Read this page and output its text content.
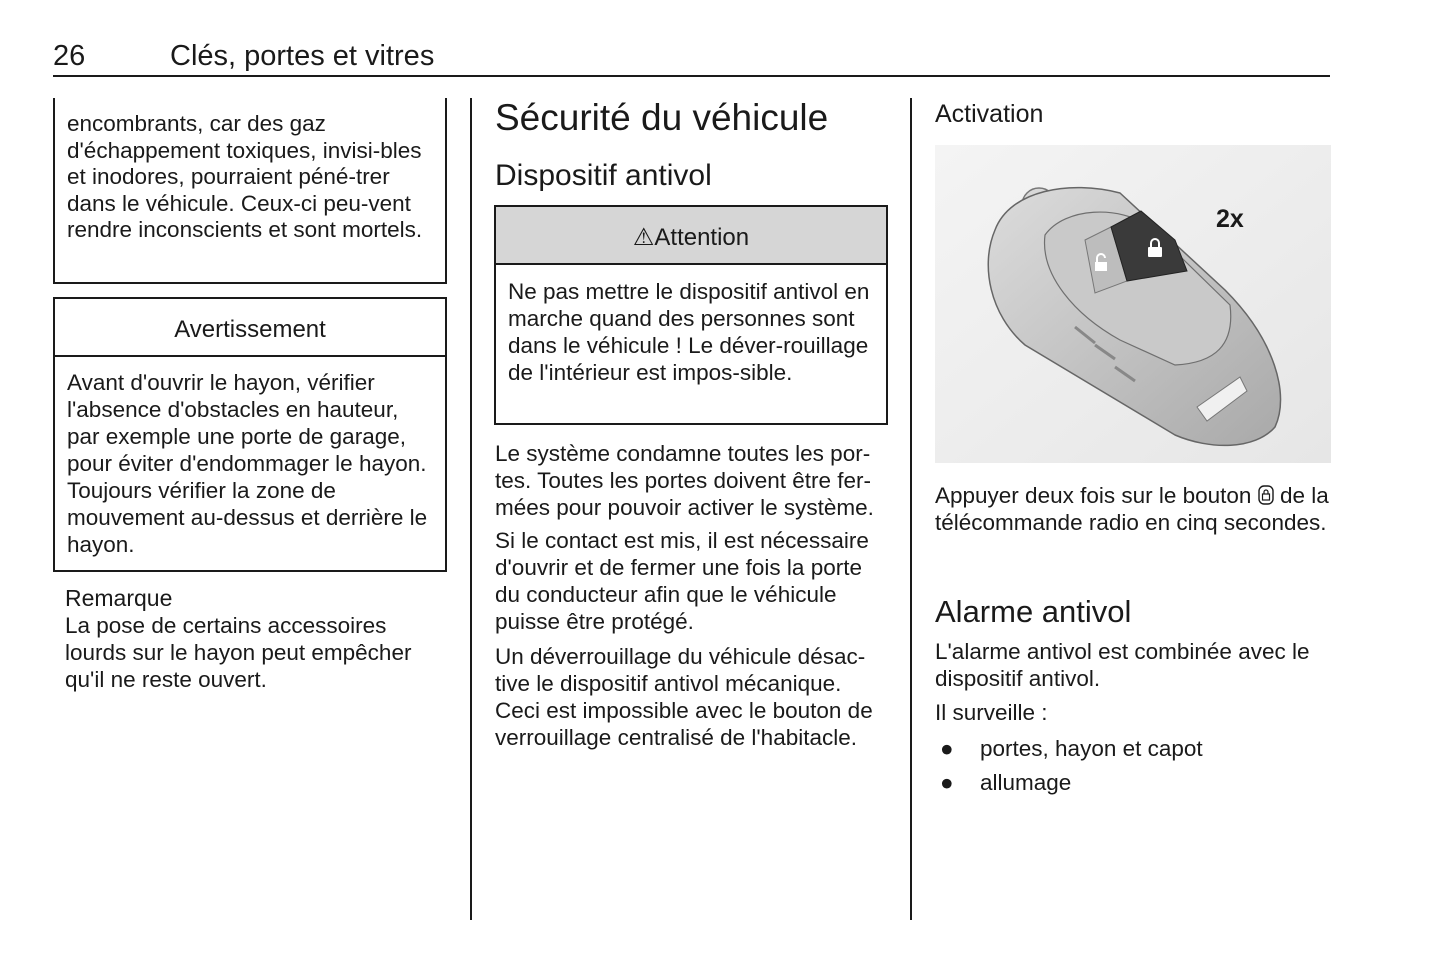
26	Clés, portes et vitres

encombrants, car des gaz d'échappement toxiques, invisi-bles et inodores, pourraient péné-trer dans le véhicule. Ceux-ci peu-vent rendre inconscients et sont mortels.

Avertissement

Avant d'ouvrir le hayon, vérifier l'absence d'obstacles en hauteur, par exemple une porte de garage, pour éviter d'endommager le hayon. Toujours vérifier la zone de mouvement au-dessus et derrière le hayon.

Remarque
La pose de certains accessoires lourds sur le hayon peut empêcher qu'il ne reste ouvert.
Sécurité du véhicule
Dispositif antivol
⚠Attention

Ne pas mettre le dispositif antivol en marche quand des personnes sont dans le véhicule ! Le déver-rouillage de l'intérieur est impos-sible.

Le système condamne toutes les por-tes. Toutes les portes doivent être fer-mées pour pouvoir activer le système.

Si le contact est mis, il est nécessaire d'ouvrir et de fermer une fois la porte du conducteur afin que le véhicule puisse être protégé.

Un déverrouillage du véhicule désac-tive le dispositif antivol mécanique. Ceci est impossible avec le bouton de verrouillage centralisé de l'habitacle.

Activation
2x
Appuyer deux fois sur le bouton de la télécommande radio en cinq secondes.
Alarme antivol
L'alarme antivol est combinée avec le dispositif antivol.
Il surveille :
● portes, hayon et capot
● allumage
